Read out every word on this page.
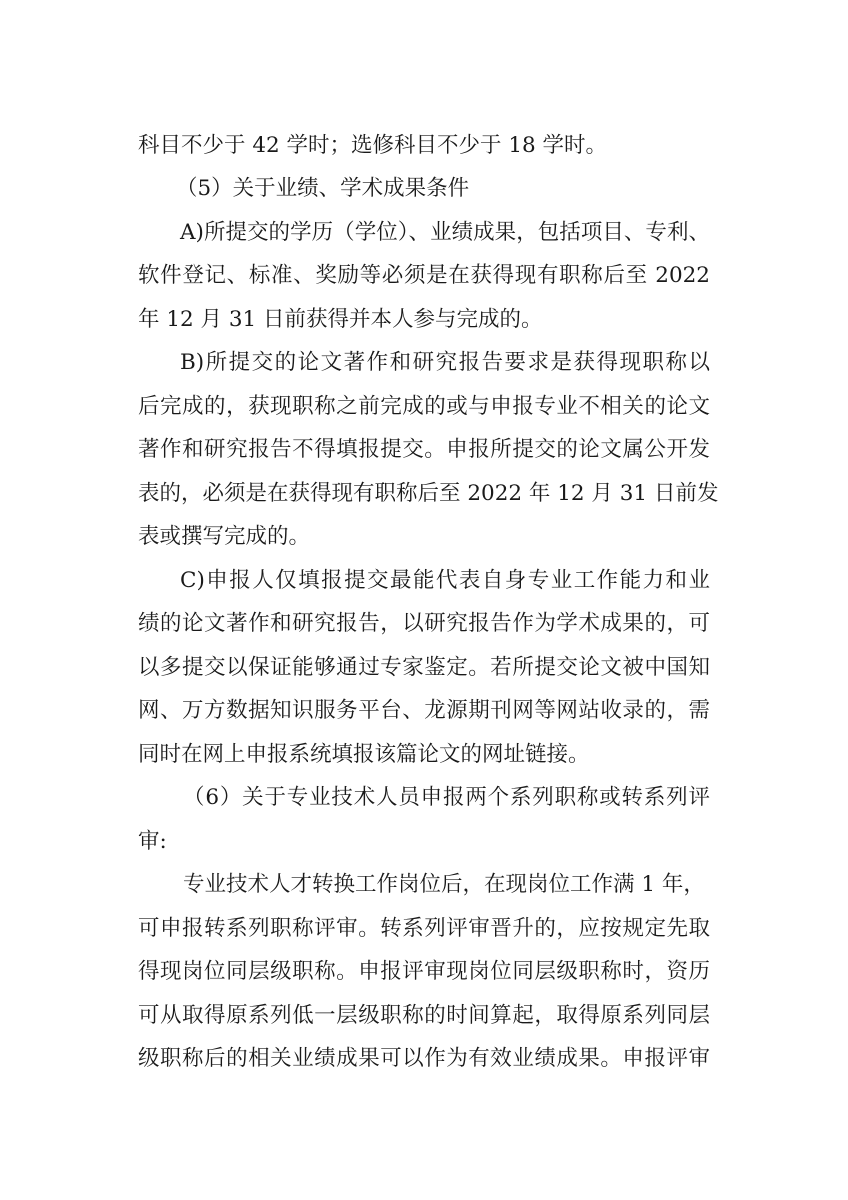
科目不少于 42 学时；选修科目不少于 18 学时。
（5）关于业绩、学术成果条件
A)所提交的学历（学位）、业绩成果，包括项目、专利、
软件登记、标准、奖励等必须是在获得现有职称后至 2022
年 12 月 31 日前获得并本人参与完成的。
B)所提交的论文著作和研究报告要求是获得现职称以
后完成的，获现职称之前完成的或与申报专业不相关的论文
著作和研究报告不得填报提交。申报所提交的论文属公开发
表的，必须是在获得现有职称后至 2022 年 12 月 31 日前发
表或撰写完成的。
C)申报人仅填报提交最能代表自身专业工作能力和业
绩的论文著作和研究报告，以研究报告作为学术成果的，可
以多提交以保证能够通过专家鉴定。若所提交论文被中国知
网、万方数据知识服务平台、龙源期刊网等网站收录的，需
同时在网上申报系统填报该篇论文的网址链接。
（6）关于专业技术人员申报两个系列职称或转系列评
审:
专业技术人才转换工作岗位后，在现岗位工作满 1 年，
可申报转系列职称评审。转系列评审晋升的，应按规定先取
得现岗位同层级职称。申报评审现岗位同层级职称时，资历
可从取得原系列低一层级职称的时间算起，取得原系列同层
级职称后的相关业绩成果可以作为有效业绩成果。申报评审
